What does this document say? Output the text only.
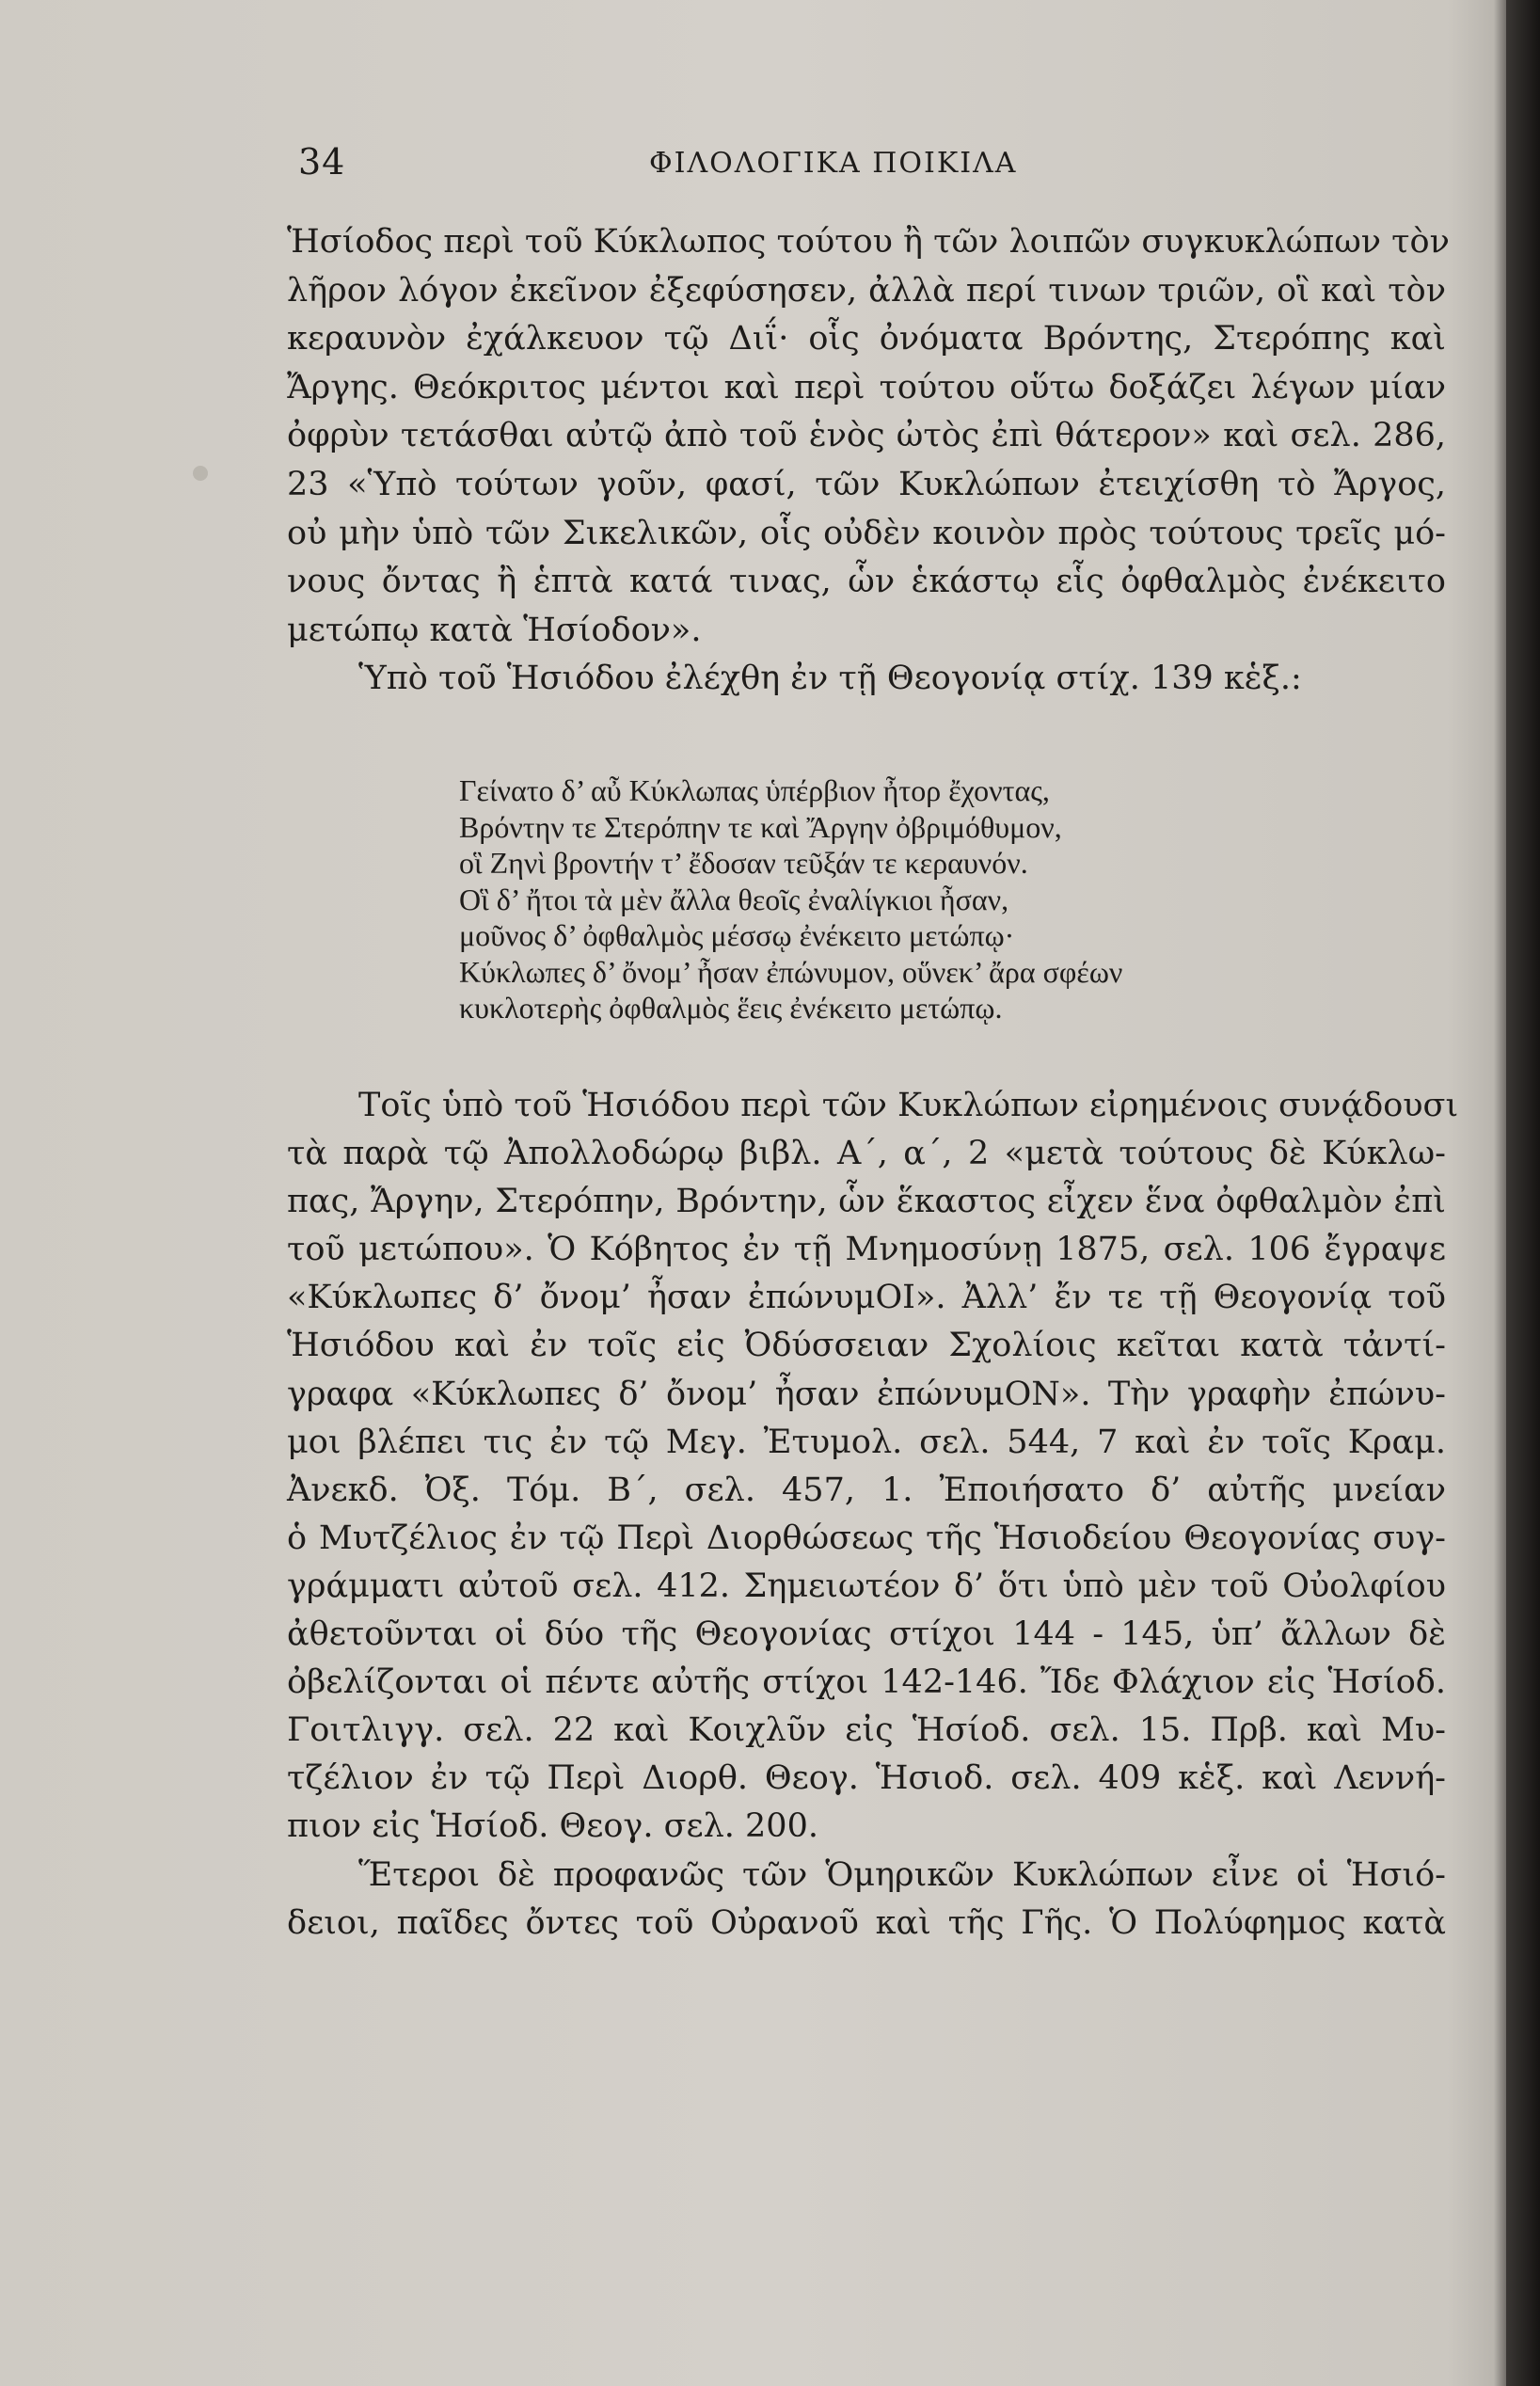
34	ΦΙΛΟΛΟΓΙΚΑ ΠΟΙΚΙΛΑ
Ἡσίοδος περὶ τοῦ Κύκλωπος τούτου ἢ τῶν λοιπῶν συγκυκλώπων τὸν
λῆρον λόγον ἐκεῖνον ἐξεφύσησεν, ἀλλὰ περί τινων τριῶν, οἳ καὶ τὸν
κεραυνὸν ἐχάλκευον τῷ Διΐ· οἷς ὀνόματα Βρόντης, Στερόπης καὶ
Ἄργης. Θεόκριτος μέντοι καὶ περὶ τούτου οὕτω δοξάζει λέγων μίαν
ὀφρὺν τετάσθαι αὐτῷ ἀπὸ τοῦ ἑνὸς ὠτὸς ἐπὶ θάτερον» καὶ σελ. 286,
23 «Ὑπὸ τούτων γοῦν, φασί, τῶν Κυκλώπων ἐτειχίσθη τὸ Ἄργος,
οὐ μὴν ὑπὸ τῶν Σικελικῶν, οἷς οὐδὲν κοινὸν πρὸς τούτους τρεῖς μό-
νους ὄντας ἢ ἑπτὰ κατά τινας, ὧν ἑκάστῳ εἷς ὀφθαλμὸς ἐνέκειτο
μετώπῳ κατὰ Ἡσίοδον».
Ὑπὸ τοῦ Ἡσιόδου ἐλέχθη ἐν τῇ Θεογονίᾳ στίχ. 139 κἑξ.:
Γείνατο δ’ αὖ Κύκλωπας ὑπέρβιον ἦτορ ἔχοντας,
Βρόντην τε Στερόπην τε καὶ Ἄργην ὀβριμόθυμον,
οἳ Ζηνὶ βροντήν τ’ ἔδοσαν τεῦξάν τε κεραυνόν.
Οἳ δ’ ἤτοι τὰ μὲν ἄλλα θεοῖς ἐναλίγκιοι ἦσαν,
μοῦνος δ’ ὀφθαλμὸς μέσσῳ ἐνέκειτο μετώπῳ·
Κύκλωπες δ’ ὄνομ’ ἦσαν ἐπώνυμον, οὕνεκ’ ἄρα σφέων
κυκλοτερὴς ὀφθαλμὸς ἕεις ἐνέκειτο μετώπῳ.
Τοῖς ὑπὸ τοῦ Ἡσιόδου περὶ τῶν Κυκλώπων εἰρημένοις συνᾴδουσι
τὰ παρὰ τῷ Ἀπολλοδώρῳ βιβλ. Α΄, α΄, 2 «μετὰ τούτους δὲ Κύκλω-
πας, Ἄργην, Στερόπην, Βρόντην, ὧν ἕκαστος εἶχεν ἕνα ὀφθαλμὸν ἐπὶ
τοῦ μετώπου». Ὁ Κόβητος ἐν τῇ Μνημοσύνῃ 1875, σελ. 106 ἔγραψε
«Κύκλωπες δ’ ὄνομ’ ἦσαν ἐπώνυμΟΙ». Ἀλλ’ ἔν τε τῇ Θεογονίᾳ τοῦ
Ἡσιόδου καὶ ἐν τοῖς εἰς Ὀδύσσειαν Σχολίοις κεῖται κατὰ τἀντί-
γραφα «Κύκλωπες δ’ ὄνομ’ ἦσαν ἐπώνυμΟΝ». Τὴν γραφὴν ἐπώνυ-
μοι βλέπει τις ἐν τῷ Μεγ. Ἐτυμολ. σελ. 544, 7 καὶ ἐν τοῖς Κραμ.
Ἀνεκδ. Ὀξ. Τόμ. Β΄, σελ. 457, 1. Ἐποιήσατο δ’ αὐτῆς μνείαν
ὁ Μυτζέλιος ἐν τῷ Περὶ Διορθώσεως τῆς Ἡσιοδείου Θεογονίας συγ-
γράμματι αὐτοῦ σελ. 412. Σημειωτέον δ’ ὅτι ὑπὸ μὲν τοῦ Οὐολφίου
ἀθετοῦνται οἱ δύο τῆς Θεογονίας στίχοι 144 - 145, ὑπ’ ἄλλων δὲ
ὀβελίζονται οἱ πέντε αὐτῆς στίχοι 142-146. Ἴδε Φλάχιον εἰς Ἡσίοδ.
Γοιτλιγγ. σελ. 22 καὶ Κοιχλῦν εἰς Ἡσίοδ. σελ. 15. Πρβ. καὶ Μυ-
τζέλιον ἐν τῷ Περὶ Διορθ. Θεογ. Ἡσιοδ. σελ. 409 κἑξ. καὶ Λεννή-
πιον εἰς Ἡσίοδ. Θεογ. σελ. 200.
Ἕτεροι δὲ προφανῶς τῶν Ὁμηρικῶν Κυκλώπων εἶνε οἱ Ἡσιό-
δειοι, παῖδες ὄντες τοῦ Οὐρανοῦ καὶ τῆς Γῆς. Ὁ Πολύφημος κατὰ
